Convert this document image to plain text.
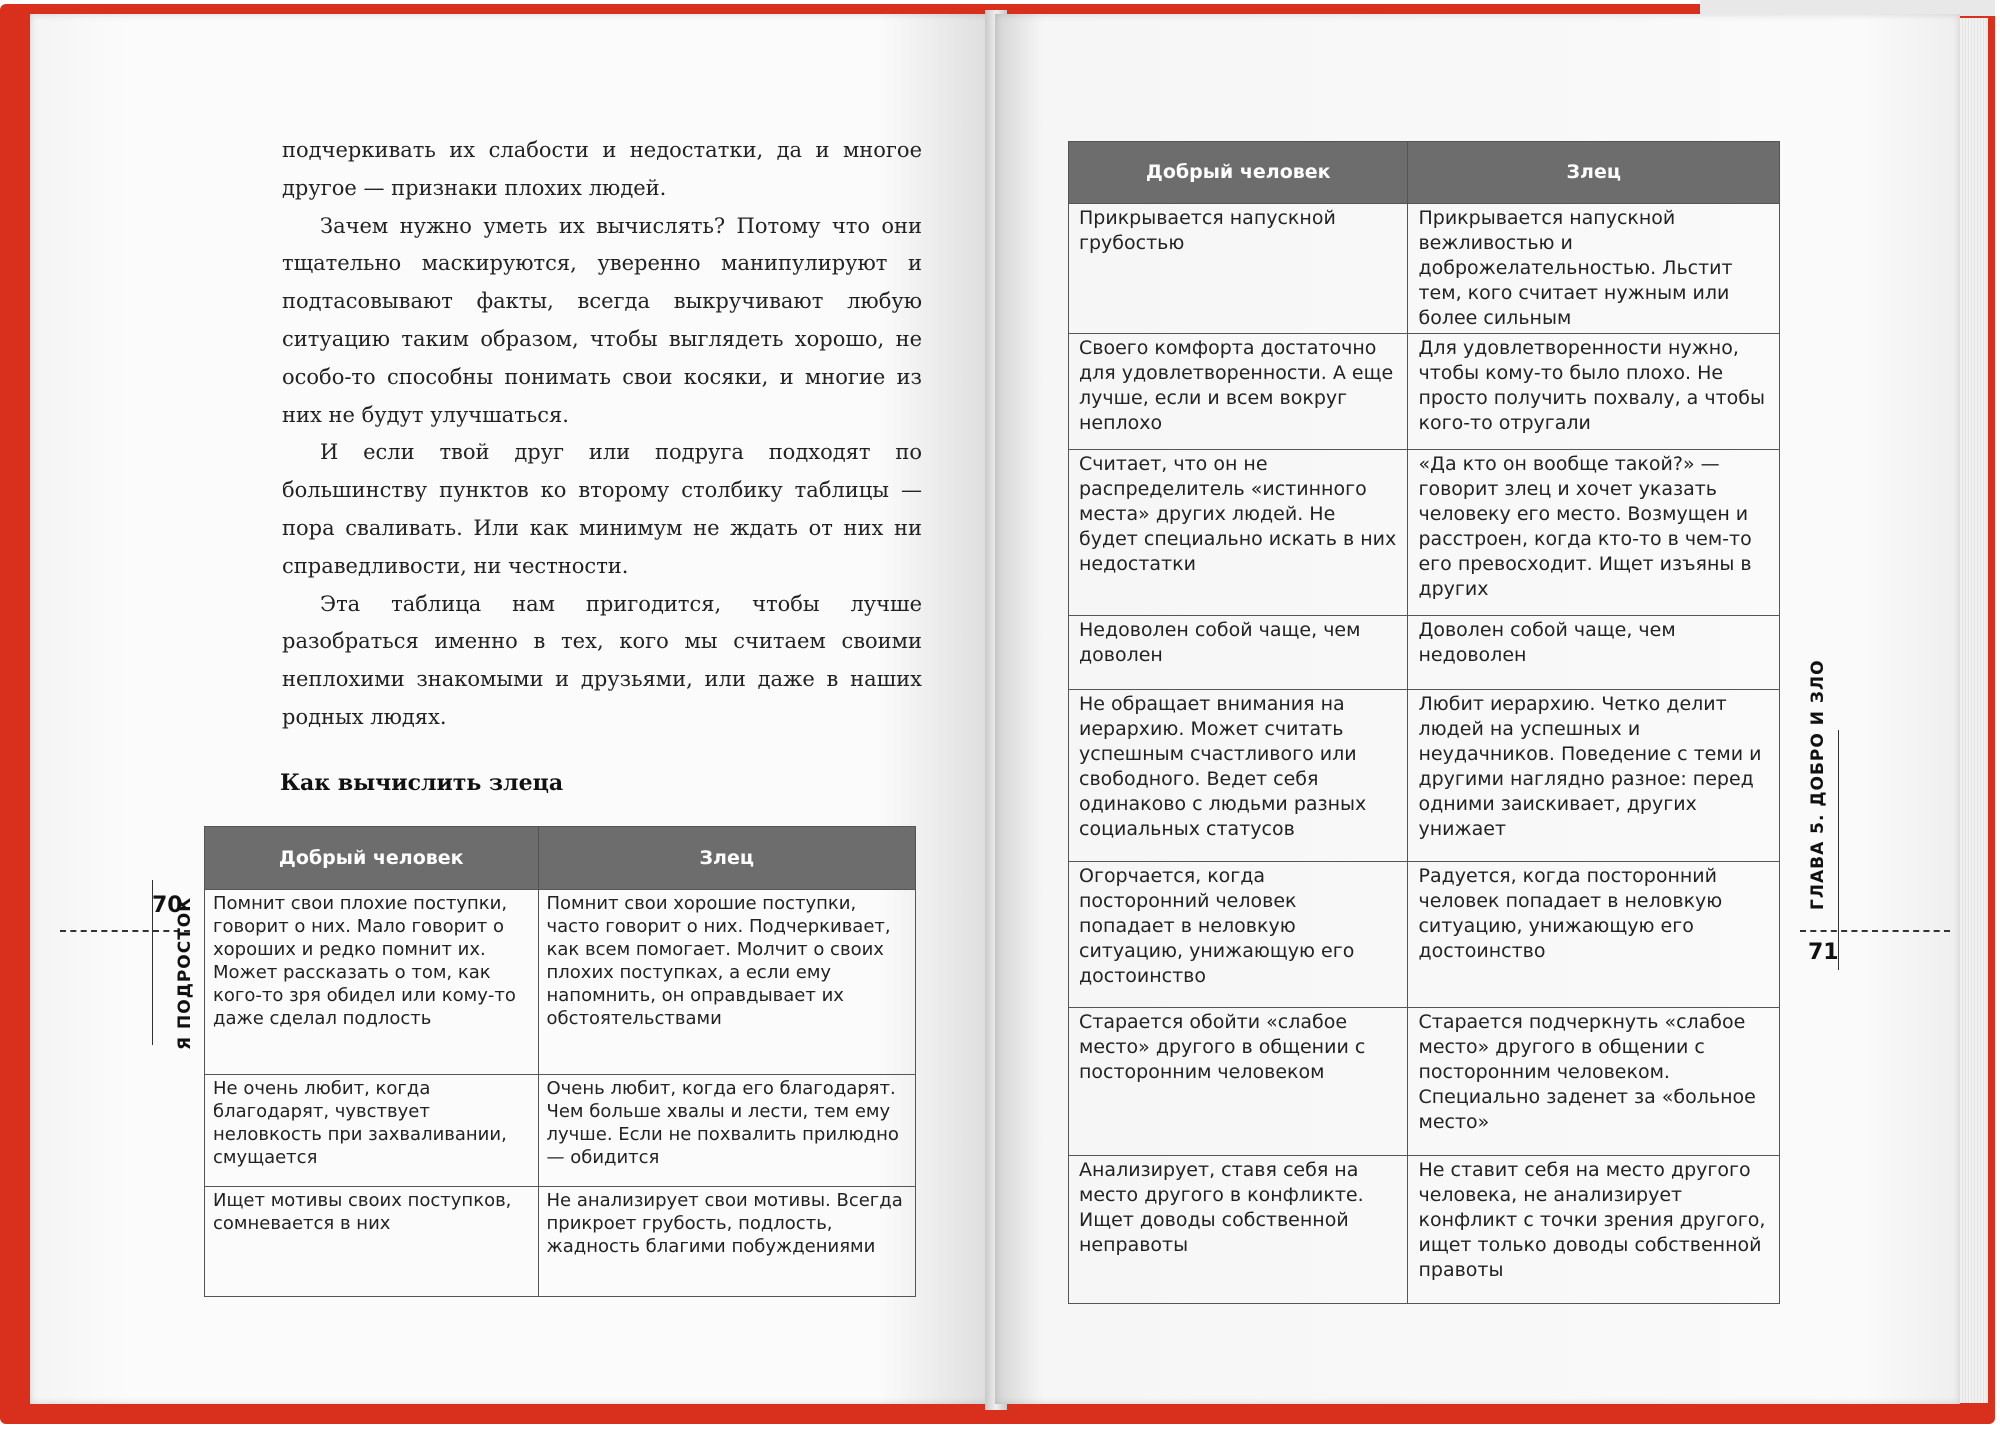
подчеркивать их слабости и недостатки, да и многое другое — признаки плохих людей.

Зачем нужно уметь их вычислять? Потому что они тщательно маскируются, уверенно манипулируют и подтасовывают факты, всегда выкручивают любую ситуацию таким образом, чтобы выглядеть хорошо, не особо-то способны понимать свои косяки, и многие из них не будут улучшаться.

И если твой друг или подруга подходят по большинству пунктов ко второму столбику таблицы — пора сваливать. Или как минимум не ждать от них ни справедливости, ни честности.

Эта таблица нам пригодится, чтобы лучше разобраться именно в тех, кого мы считаем своими неплохими знакомыми и друзьями, или даже в наших родных людях.

Как вычислить злеца
Добрый человек	Злец
Помнит свои плохие поступки, говорит о них. Мало говорит о хороших и редко помнит их. Может рассказать о том, как кого-то зря обидел или кому-то даже сделал подлость	Помнит свои хорошие поступки, часто говорит о них. Подчеркивает, как всем помогает. Молчит о своих плохих поступках, а если ему напомнить, он оправдывает их обстоятельствами
Не очень любит, когда благодарят, чувствует неловкость при захваливании, смущается	Очень любит, когда его благодарят. Чем больше хвалы и лести, тем ему лучше. Если не похвалить прилюдно — обидится
Ищет мотивы своих поступков, сомневается в них	Не анализирует свои мотивы. Всегда прикроет грубость, подлость, жадность благими побуждениями
Добрый человек	Злец
Прикрывается напускной грубостью	Прикрывается напускной вежливостью и доброжелательностью. Льстит тем, кого считает нужным или более сильным
Своего комфорта достаточно для удовлетворенности. А еще лучше, если и всем вокруг неплохо	Для удовлетворенности нужно, чтобы кому-то было плохо. Не просто получить похвалу, а чтобы кого-то отругали
Считает, что он не распределитель «истинного места» других людей. Не будет специально искать в них недостатки	«Да кто он вообще такой?» — говорит злец и хочет указать человеку его место. Возмущен и расстроен, когда кто-то в чем-то его превосходит. Ищет изъяны в других
Недоволен собой чаще, чем доволен	Доволен собой чаще, чем недоволен
Не обращает внимания на иерархию. Может считать успешным счастливого или свободного. Ведет себя одинаково с людьми разных социальных статусов	Любит иерархию. Четко делит людей на успешных и неудачников. Поведение с теми и другими наглядно разное: перед одними заискивает, других унижает
Огорчается, когда посторонний человек попадает в неловкую ситуацию, унижающую его достоинство	Радуется, когда посторонний человек попадает в неловкую ситуацию, унижающую его достоинство
Старается обойти «слабое место» другого в общении с посторонним человеком	Старается подчеркнуть «слабое место» другого в общении с посторонним человеком. Специально заденет за «больное место»
Анализирует, ставя себя на место другого в конфликте. Ищет доводы собственной неправоты	Не ставит себя на место другого человека, не анализирует конфликт с точки зрения другого, ищет только доводы собственной правоты
70
Я ПОДРОСТОК	71
ГЛАВА 5. ДОБРО И ЗЛО
